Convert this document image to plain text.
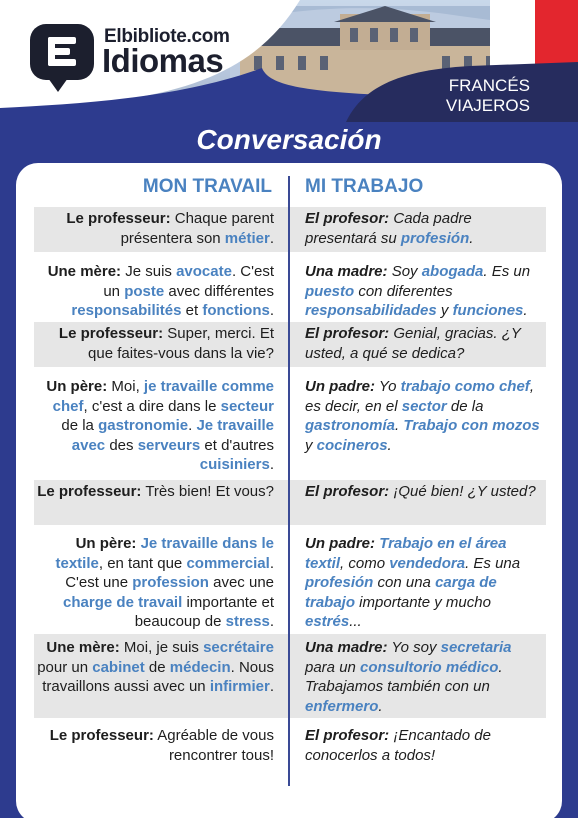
Elbibliote.com
Idiomas
FRANCÉS
VIAJEROS
Conversación
MON TRAVAIL MI TRABAJO
Le professeur: Chaque parent présentera son métier.
El profesor: Cada padre presentará su profesión.
Une mère: Je suis avocate. C'est un poste avec différentes responsabilités et fonctions.
Una madre: Soy abogada. Es un puesto con diferentes responsabilidades y funciones.
Le professeur: Super, merci. Et que faites-vous dans la vie?
El profesor: Genial, gracias. ¿Y usted, a qué se dedica?
Un père: Moi, je travaille comme chef, c'est a dire dans le secteur de la gastronomie. Je travaille avec des serveurs et d'autres cuisiniers.
Un padre: Yo trabajo como chef, es decir, en el sector de la gastronomía. Trabajo con mozos y cocineros.
Le professeur: Très bien! Et vous? El profesor: ¡Qué bien! ¿Y usted?
Un père: Je travaille dans le textile, en tant que commercial. C'est une profession avec une charge de travail importante et beaucoup de stress.
Un padre: Trabajo en el área textil, como vendedora. Es una profesión con una carga de trabajo importante y mucho estrés...
Une mère: Moi, je suis secrétaire pour un cabinet de médecin. Nous travaillons aussi avec un infirmier.
Una madre: Yo soy secretaria para un consultorio médico. Trabajamos también con un enfermero.
Le professeur: Agréable de vous rencontrer tous!
El profesor: ¡Encantado de conocerlos a todos!
